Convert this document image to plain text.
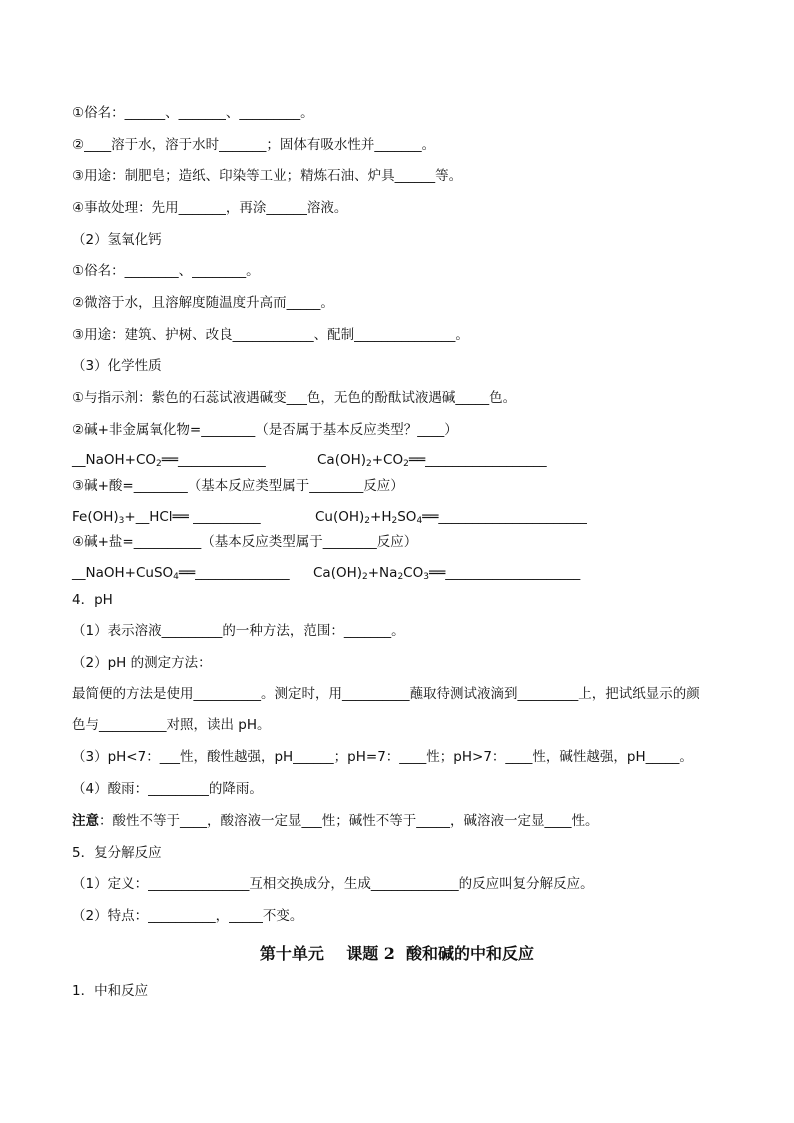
①俗名：______、_______、_________。
②____溶于水，溶于水时_______；固体有吸水性并_______。
③用途：制肥皂；造纸、印染等工业；精炼石油、炉具______等。
④事故处理：先用_______，再涂______溶液。
（2）氢氧化钙
①俗名：________、________。
②微溶于水，且溶解度随温度升高而_____。
③用途：建筑、护树、改良____________、配制_______________。
（3）化学性质
①与指示剂：紫色的石蕊试液遇碱变___色，无色的酚酞试液遇碱_____色。
②碱+非金属氧化物=________（是否属于基本反应类型？____）
$\_\_NaOH+CO_2══\_\_\_\_\_\_\_\_\_\_\_\_\_$	$Ca(OH)_2+CO_2══\_\_\_\_\_\_\_\_\_\_\_\_\_\_\_\_\_\_$
③碱+酸=________（基本反应类型属于________反应）
$Fe(OH)_3+\_\_HCl══$ __________	$Cu(OH)_2+H_2SO_4══\_\_\_\_\_\_\_\_\_\_\_\_\_\_\_\_\_\_\_\_\_\_$
④碱+盐=__________（基本反应类型属于________反应）
__NaOH+CuSO$_4$══______________ $Ca(OH)_2+Na_2CO_3══\_\_\_\_\_\_\_\_\_\_\_\_\_\_\_\_\_\_\_\_$
4．pH
（1）表示溶液_________的一种方法，范围：_______。
（2）pH 的测定方法：
最简便的方法是使用__________。测定时，用__________蘸取待测试液滴到_________上，把试纸显示的颜
色与__________对照，读出 pH。
（3）pH<7：___性，酸性越强，pH______；pH=7：____性；pH>7：____性，碱性越强，pH_____。
（4）酸雨：_________的降雨。
注意：酸性不等于____，酸溶液一定显___性；碱性不等于_____，碱溶液一定显____性。
5．复分解反应
（1）定义：_______________互相交换成分，生成_____________的反应叫复分解反应。
（2）特点：__________，_____不变。
第十单元    课题 2  酸和碱的中和反应
1．中和反应
